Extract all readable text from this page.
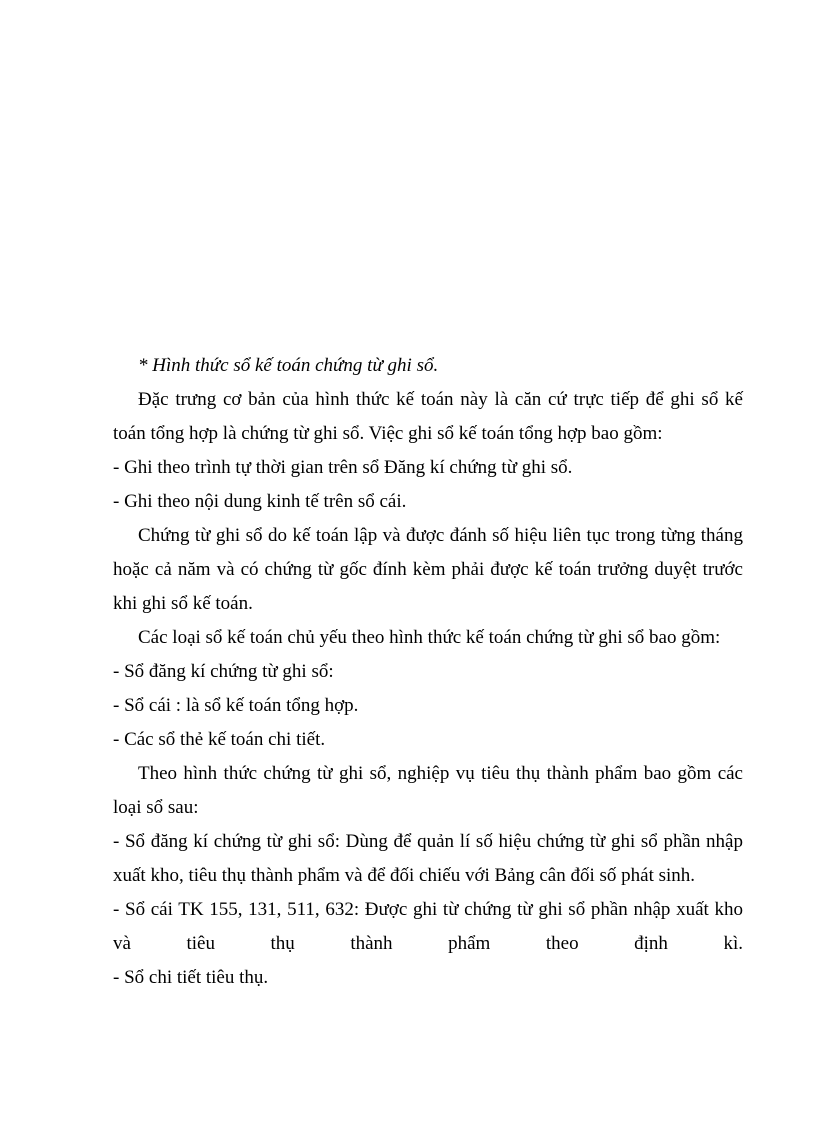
* Hình thức sổ kế toán chứng từ ghi sổ.

Đặc trưng cơ bản của hình thức kế toán này là căn cứ trực tiếp để ghi sổ kế toán tổng hợp là chứng từ ghi sổ. Việc ghi sổ kế toán tổng hợp bao gồm:

- Ghi theo trình tự thời gian trên sổ Đăng kí chứng từ ghi sổ.

- Ghi theo nội dung kinh tế trên sổ cái.

Chứng từ ghi sổ do kế toán lập và được đánh số hiệu liên tục trong từng tháng hoặc cả năm và có chứng từ gốc đính kèm phải được kế toán trưởng duyệt trước khi ghi sổ kế toán.

Các loại sổ kế toán chủ yếu theo hình thức kế toán chứng từ ghi sổ bao gồm:

- Sổ đăng kí chứng từ ghi sổ:

- Sổ cái : là sổ kế toán tổng hợp.

- Các sổ thẻ kế toán chi tiết.

Theo hình thức chứng từ ghi sổ, nghiệp vụ tiêu thụ thành phẩm bao gồm các loại sổ sau:

- Sổ đăng kí chứng từ ghi sổ: Dùng để quản lí số hiệu chứng từ ghi sổ phần nhập xuất kho, tiêu thụ thành phẩm và để đối chiếu với Bảng cân đối số phát sinh.

- Sổ cái TK 155, 131, 511, 632: Được ghi từ chứng từ ghi sổ phần nhập xuất kho và tiêu thụ thành phẩm theo định kì.

- Sổ chi tiết tiêu thụ.
